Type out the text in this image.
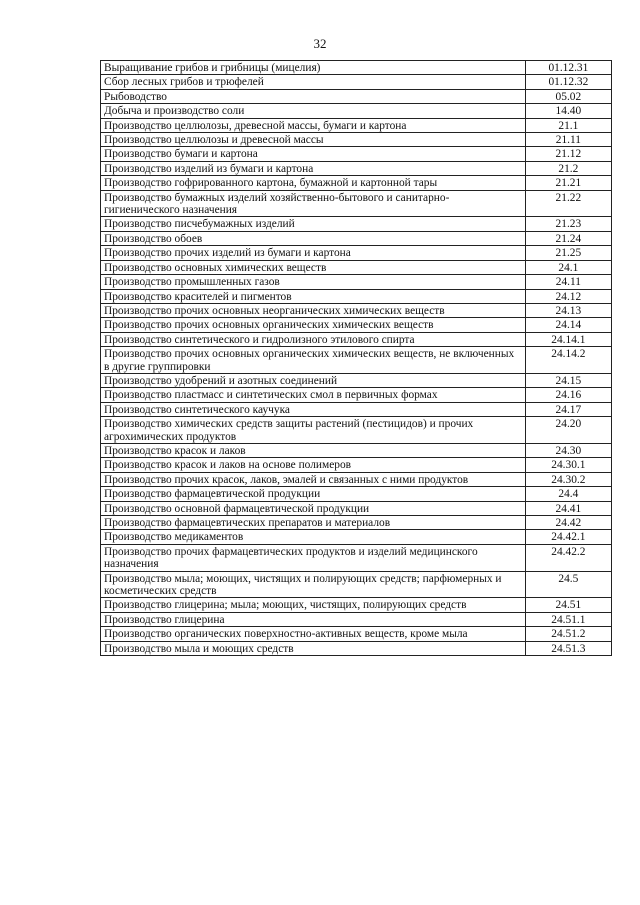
32
Выращивание грибов и грибницы (мицелия)	01.12.31
Сбор лесных грибов и трюфелей	01.12.32
Рыбоводство	05.02
Добыча и производство соли	14.40
Производство целлюлозы, древесной массы, бумаги и картона	21.1
Производство целлюлозы и древесной массы	21.11
Производство бумаги и картона	21.12
Производство изделий из бумаги и картона	21.2
Производство гофрированного картона, бумажной и картонной тары	21.21
Производство бумажных изделий хозяйственно-бытового и санитарно-гигиенического назначения	21.22
Производство писчебумажных изделий	21.23
Производство обоев	21.24
Производство прочих изделий из бумаги и картона	21.25
Производство основных химических веществ	24.1
Производство промышленных газов	24.11
Производство красителей и пигментов	24.12
Производство прочих основных неорганических химических веществ	24.13
Производство прочих основных органических химических веществ	24.14
Производство синтетического и гидролизного этилового спирта	24.14.1
Производство прочих основных органических химических веществ, не включенных в другие группировки	24.14.2
Производство удобрений и азотных соединений	24.15
Производство пластмасс и синтетических смол в первичных формах	24.16
Производство синтетического каучука	24.17
Производство химических средств защиты растений (пестицидов) и прочих агрохимических продуктов	24.20
Производство красок и лаков	24.30
Производство красок и лаков на основе полимеров	24.30.1
Производство прочих красок, лаков, эмалей и связанных с ними продуктов	24.30.2
Производство фармацевтической продукции	24.4
Производство основной фармацевтической продукции	24.41
Производство фармацевтических препаратов и материалов	24.42
Производство медикаментов	24.42.1
Производство прочих фармацевтических продуктов и изделий медицинского назначения	24.42.2
Производство мыла; моющих, чистящих и полирующих средств; парфюмерных и косметических средств	24.5
Производство глицерина; мыла; моющих, чистящих, полирующих средств	24.51
Производство глицерина	24.51.1
Производство органических поверхностно-активных веществ, кроме мыла	24.51.2
Производство мыла и моющих средств	24.51.3
